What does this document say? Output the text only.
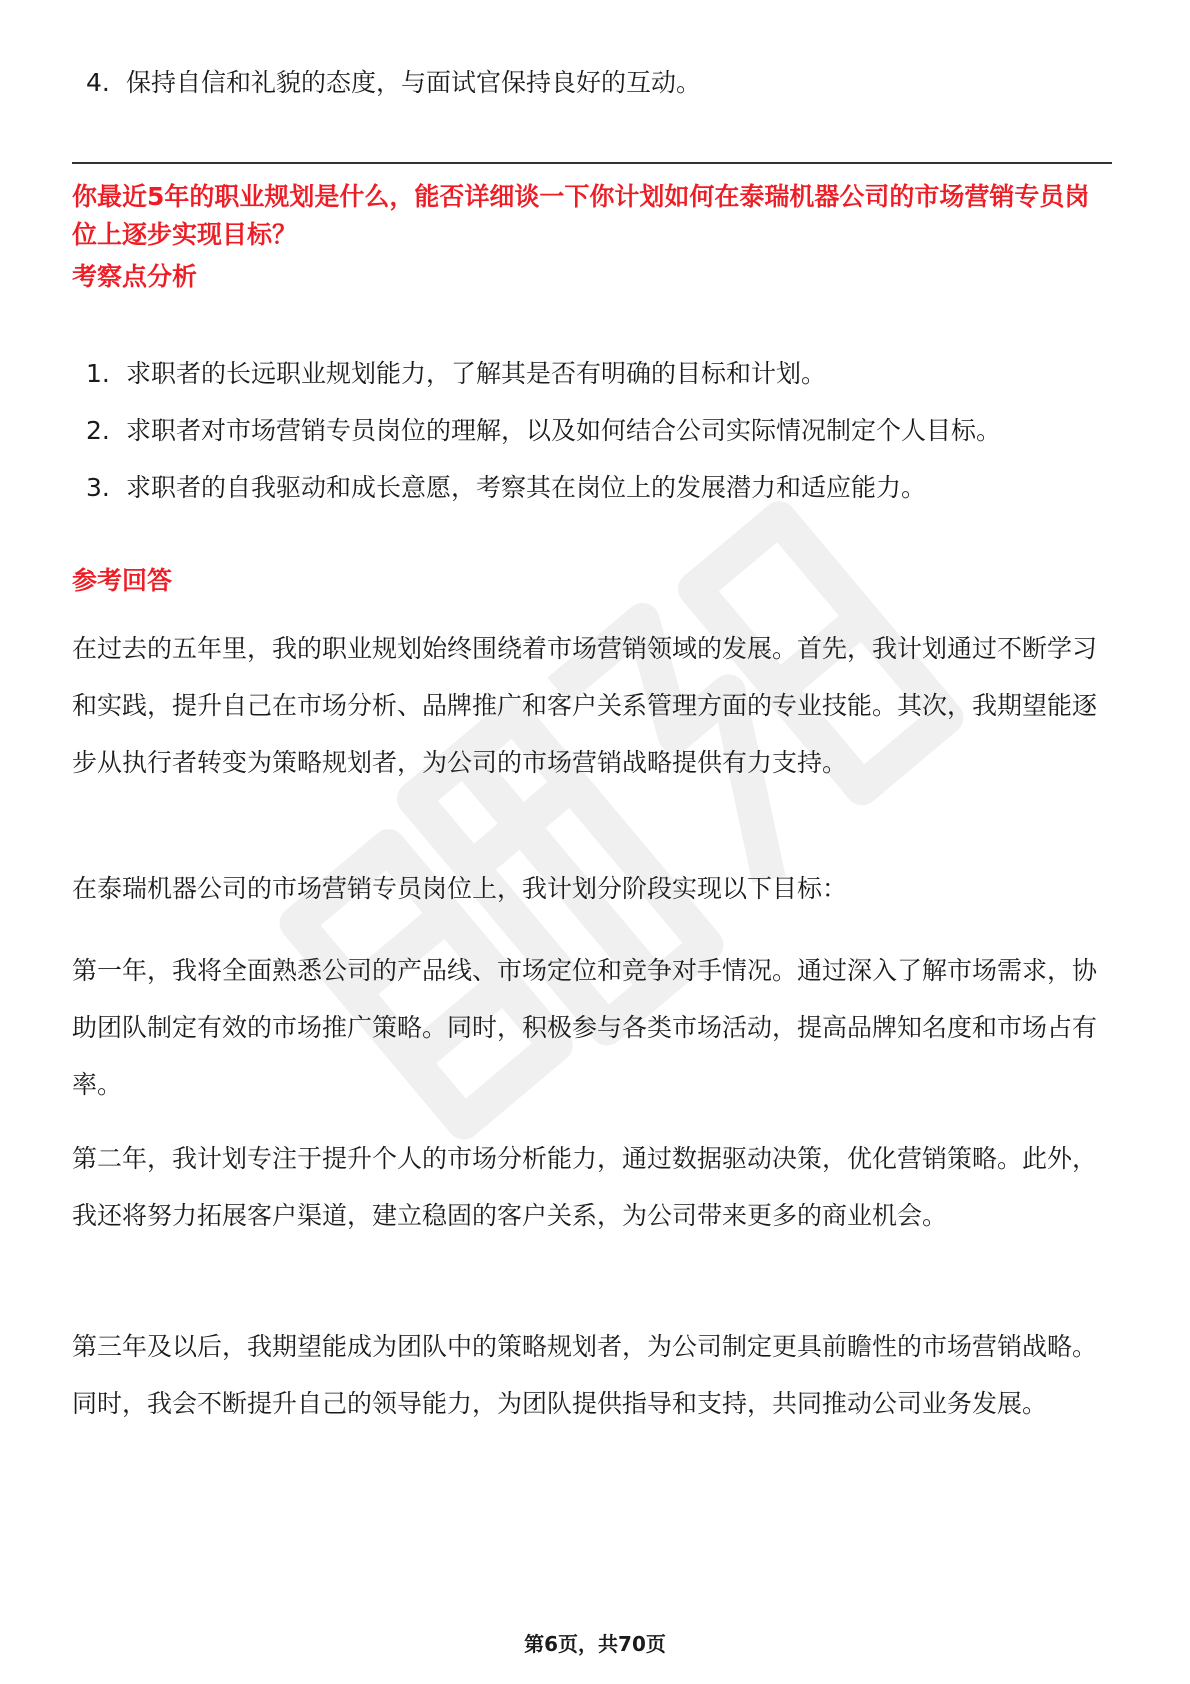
4. 保持自信和礼貌的态度，与面试官保持良好的互动。
你最近5年的职业规划是什么，能否详细谈一下你计划如何在泰瑞机器公司的市场营销专员岗位上逐步实现目标？
考察点分析
1. 求职者的长远职业规划能力，了解其是否有明确的目标和计划。
2. 求职者对市场营销专员岗位的理解，以及如何结合公司实际情况制定个人目标。
3. 求职者的自我驱动和成长意愿，考察其在岗位上的发展潜力和适应能力。
参考回答
在过去的五年里，我的职业规划始终围绕着市场营销领域的发展。首先，我计划通过不断学习和实践，提升自己在市场分析、品牌推广和客户关系管理方面的专业技能。其次，我期望能逐步从执行者转变为策略规划者，为公司的市场营销战略提供有力支持。
在泰瑞机器公司的市场营销专员岗位上，我计划分阶段实现以下目标：
第一年，我将全面熟悉公司的产品线、市场定位和竞争对手情况。通过深入了解市场需求，协助团队制定有效的市场推广策略。同时，积极参与各类市场活动，提高品牌知名度和市场占有率。
第二年，我计划专注于提升个人的市场分析能力，通过数据驱动决策，优化营销策略。此外，我还将努力拓展客户渠道，建立稳固的客户关系，为公司带来更多的商业机会。
第三年及以后，我期望能成为团队中的策略规划者，为公司制定更具前瞻性的市场营销战略。同时，我会不断提升自己的领导能力，为团队提供指导和支持，共同推动公司业务发展。
第6页，共70页
